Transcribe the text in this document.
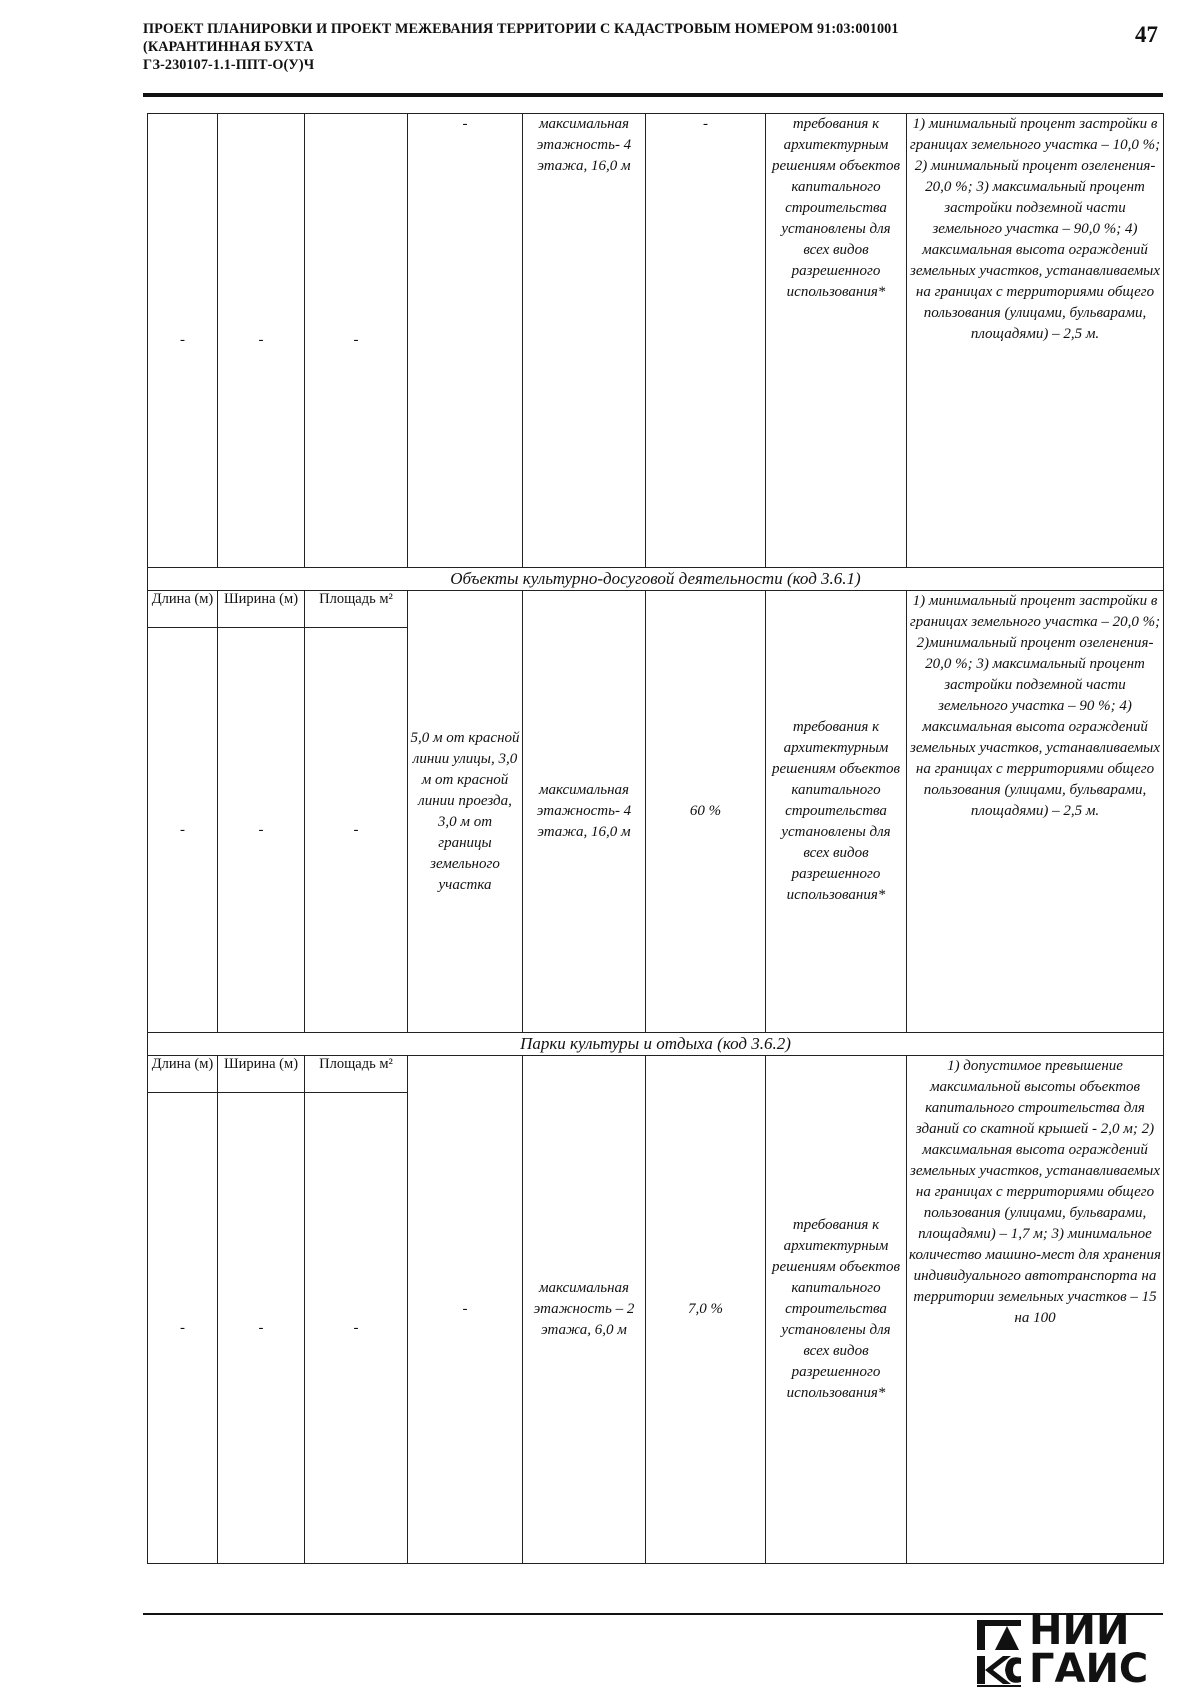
ПРОЕКТ ПЛАНИРОВКИ И ПРОЕКТ МЕЖЕВАНИЯ ТЕРРИТОРИИ С КАДАСТРОВЫМ НОМЕРОМ 91:03:001001
(КАРАНТИННАЯ БУХТА
ГЗ-230107-1.1-ППТ-О(У)Ч
47
-	-	-	-	максимальная этажность- 4 этажа, 16,0 м	-	требования к архитектурным решениям объектов капитального строительства установлены для всех видов разрешенного использования*	1) минимальный процент застройки в границах земельного участка – 10,0 %; 2) минимальный процент озеленения- 20,0 %; 3) максимальный процент застройки подземной части земельного участка – 90,0 %; 4) максимальная высота ограждений земельных участков, устанавливаемых на границах с территориями общего пользования (улицами, бульварами, площадями) – 2,5 м.
Объекты культурно-досуговой деятельности (код 3.6.1)							
Длина (м)	Ширина (м)	Площадь м²	5,0 м от красной линии улицы, 3,0 м от красной линии проезда, 3,0 м от границы земельного участка	максимальная этажность- 4 этажа, 16,0 м	60 %	требования к архитектурным решениям объектов капитального строительства установлены для всех видов разрешенного использования*	1) минимальный процент застройки в границах земельного участка – 20,0 %; 2)минимальный процент озеленения- 20,0 %; 3) максимальный процент застройки подземной части земельного участка – 90 %; 4) максимальная высота ограждений земельных участков, устанавливаемых на границах с территориями общего пользования (улицами, бульварами, площадями) – 2,5 м.
-	-	-					
Парки культуры и отдыха (код 3.6.2)							
Длина (м)	Ширина (м)	Площадь м²	-	максимальная этажность – 2 этажа, 6,0 м	7,0 %	требования к архитектурным решениям объектов капитального строительства установлены для всех видов разрешенного использования*	1) допустимое превышение максимальной высоты объектов капитального строительства для зданий со скатной крышей - 2,0 м; 2) максимальная высота ограждений земельных участков, устанавливаемых на границах с территориями общего пользования (улицами, бульварами, площадями) – 1,7 м; 3) минимальное количество машино-мест для хранения индивидуального автотранспорта на территории земельных участков – 15 на 100
-	-	-					
НИИ
ГАИС
